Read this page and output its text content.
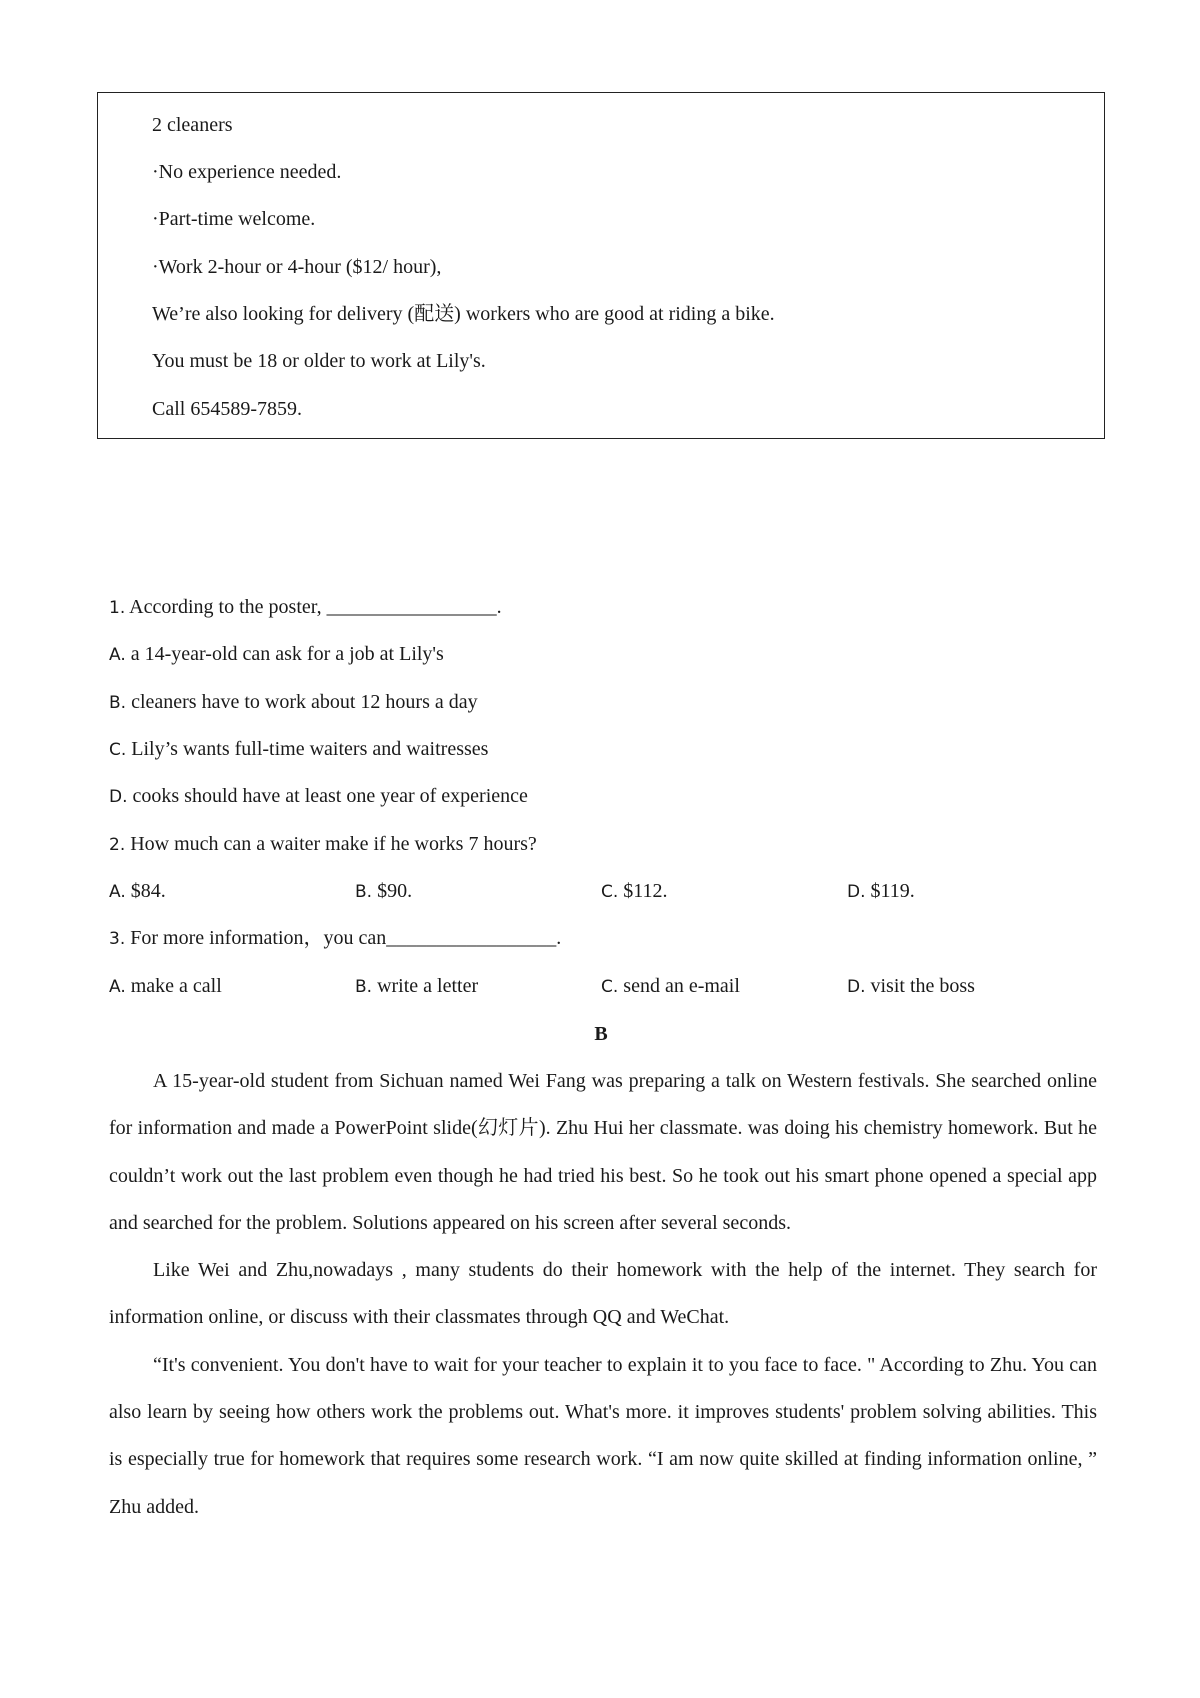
2 cleaners
·No experience needed.
·Part-time welcome.
·Work 2-hour or 4-hour ($12/ hour),
We’re also looking for delivery (配送) workers who are good at riding a bike.
You must be 18 or older to work at Lily's.
Call 654589-7859.
1. According to the poster, _________________.
A. a 14-year-old can ask for a job at Lily's
B. cleaners have to work about 12 hours a day
C. Lily’s wants full-time waiters and waitresses
D. cooks should have at least one year of experience
2. How much can a waiter make if he works 7 hours?
A. $84.	B. $90.	C. $112.	D. $119.
3. For more information，you can_________________.
A. make a call	B. write a letter	C. send an e-mail	D. visit the boss
B

A 15-year-old student from Sichuan named Wei Fang was preparing a talk on Western festivals. She searched online for information and made a PowerPoint slide(幻灯片). Zhu Hui her classmate. was doing his chemistry homework. But he couldn’t work out the last problem even though he had tried his best. So he took out his smart phone opened a special app and searched for the problem. Solutions appeared on his screen after several seconds.

Like Wei and Zhu,nowadays , many students do their homework with the help of the internet. They search for information online, or discuss with their classmates through QQ and WeChat.

“It's convenient. You don't have to wait for your teacher to explain it to you face to face. " According to Zhu. You can also learn by seeing how others work the problems out. What's more. it improves students' problem solving abilities. This is especially true for homework that requires some research work. “I am now quite skilled at finding information online, ” Zhu added.
